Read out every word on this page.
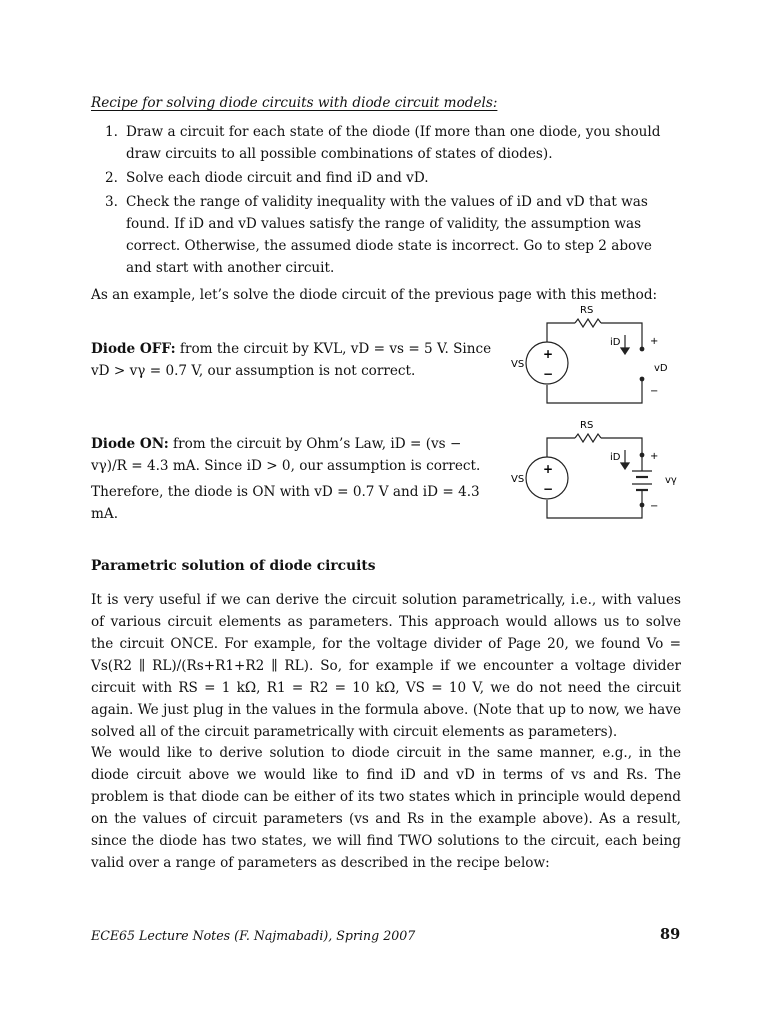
Recipe for solving diode circuits with diode circuit models:
1. Draw a circuit for each state of the diode (If more than one diode, you should draw circuits to all possible combinations of states of diodes).
2. Solve each diode circuit and find iD and vD.
3. Check the range of validity inequality with the values of iD and vD that was found. If iD and vD values satisfy the range of validity, the assumption was correct. Otherwise, the assumed diode state is incorrect. Go to step 2 above and start with another circuit.
As an example, let’s solve the diode circuit of the previous page with this method:
Diode OFF: from the circuit by KVL, vD = vs = 5 V. Since vD > vγ = 0.7 V, our assumption is not correct.
Diode ON: from the circuit by Ohm’s Law, iD = (vs − vγ)/R = 4.3 mA. Since iD > 0, our assumption is correct.
Therefore, the diode is ON with vD = 0.7 V and iD = 4.3 mA.
RS
VS
+
−
iD	+
vD
−
RS
VS
+
−
iD	+
vγ
−
Parametric solution of diode circuits
It is very useful if we can derive the circuit solution parametrically, i.e., with values of various circuit elements as parameters. This approach would allows us to solve the circuit ONCE. For example, for the voltage divider of Page 20, we found Vo = Vs(R2 ∥ RL)/(Rs+R1+R2 ∥ RL). So, for example if we encounter a voltage divider circuit with RS = 1 kΩ, R1 = R2 = 10 kΩ, VS = 10 V, we do not need the circuit again. We just plug in the values in the formula above. (Note that up to now, we have solved all of the circuit parametrically with circuit elements as parameters).
We would like to derive solution to diode circuit in the same manner, e.g., in the diode circuit above we would like to find iD and vD in terms of vs and Rs. The problem is that diode can be either of its two states which in principle would depend on the values of circuit parameters (vs and Rs in the example above). As a result, since the diode has two states, we will find TWO solutions to the circuit, each being valid over a range of parameters as described in the recipe below:
ECE65 Lecture Notes (F. Najmabadi), Spring 2007	89
